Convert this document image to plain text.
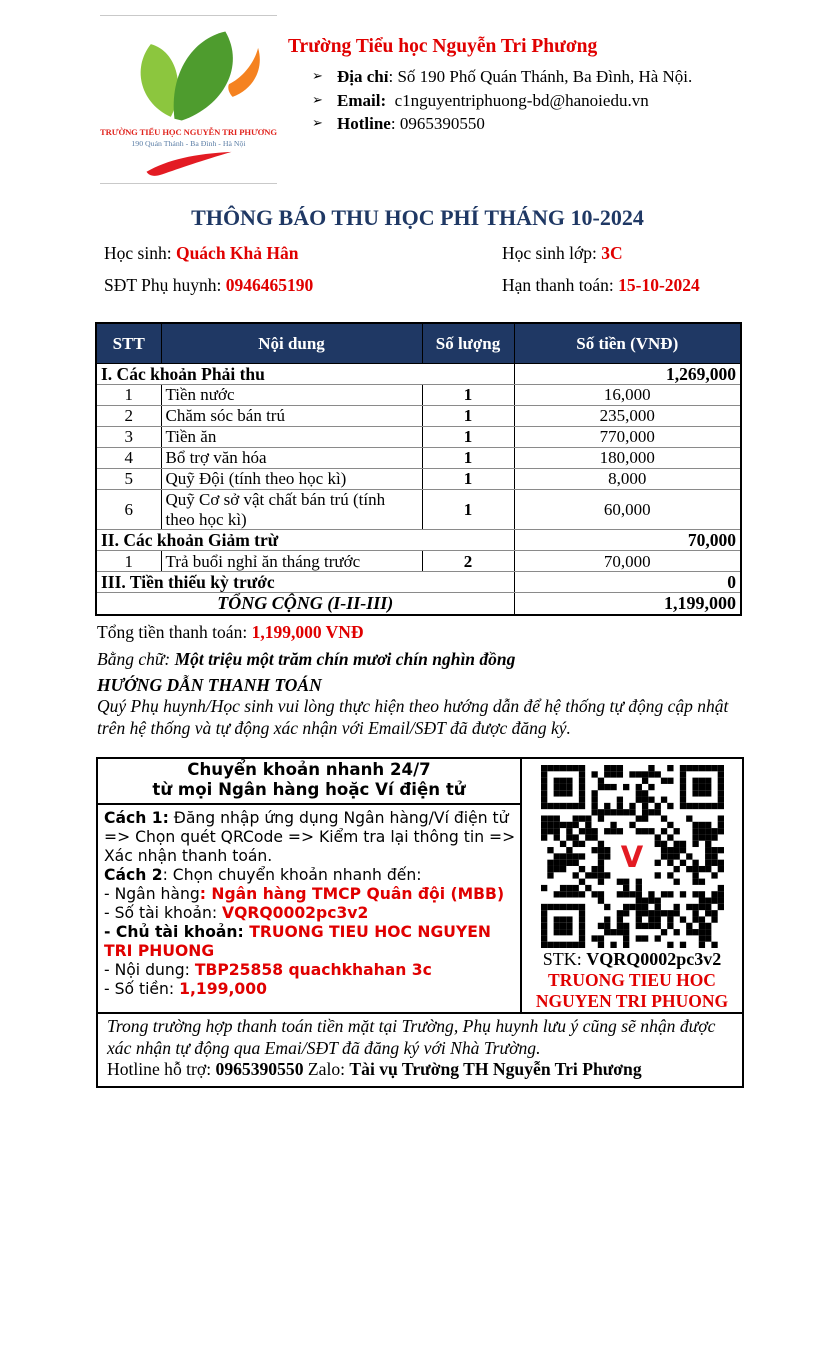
TRƯỜNG TIỂU HỌC NGUYỄN TRI PHƯƠNG
190 Quán Thánh - Ba Đình - Hà Nội
Trường Tiểu học Nguyễn Tri Phương
➢ Địa chỉ: Số 190 Phố Quán Thánh, Ba Đình, Hà Nội.
➢ Email:  c1nguyentriphuong-bd@hanoiedu.vn
➢ Hotline: 0965390550
THÔNG BÁO THU HỌC PHÍ THÁNG 10-2024
Học sinh: Quách Khả Hân	Học sinh lớp: 3C
SĐT Phụ huynh: 0946465190	Hạn thanh toán: 15-10-2024
STT	Nội dung	Số lượng	Số tiền (VNĐ)
I. Các khoản Phải thu			1,269,000
1	Tiền nước	1	16,000
2	Chăm sóc bán trú	1	235,000
3	Tiền ăn	1	770,000
4	Bổ trợ văn hóa	1	180,000
5	Quỹ Đội (tính theo học kì)	1	8,000
6	Quỹ Cơ sở vật chất bán trú (tính theo học kì)	1	60,000
II. Các khoản Giảm trừ			70,000
1	Trả buổi nghỉ ăn tháng trước	2	70,000
III. Tiền thiếu kỳ trước			0
TỔNG CỘNG (I-II-III)			1,199,000
Tổng tiền thanh toán: 1,199,000 VNĐ
Bằng chữ: Một triệu một trăm chín mươi chín nghìn đồng
HƯỚNG DẪN THANH TOÁN
Quý Phụ huynh/Học sinh vui lòng thực hiện theo hướng dẫn để hệ thống tự động cập nhật trên hệ thống và tự động xác nhận với Email/SĐT đã được đăng ký.
Chuyển khoản nhanh 24/7
từ mọi Ngân hàng hoặc Ví điện tử
Cách 1: Đăng nhập ứng dụng Ngân hàng/Ví điện tử => Chọn quét QRCode => Kiểm tra lại thông tin => Xác nhận thanh toán.
Cách 2: Chọn chuyển khoản nhanh đến:
- Ngân hàng: Ngân hàng TMCP Quân đội (MBB)
- Số tài khoản: VQRQ0002pc3v2
- Chủ tài khoản: TRUONG TIEU HOC NGUYEN TRI PHUONG
- Nội dung: TBP25858 quachkhahan 3c
- Số tiền: 1,199,000
V
STK: VQRQ0002pc3v2
TRUONG TIEU HOC
NGUYEN TRI PHUONG
Trong trường hợp thanh toán tiền mặt tại Trường, Phụ huynh lưu ý cũng sẽ nhận được xác nhận tự động qua Emai/SĐT đã đăng ký với Nhà Trường.
Hotline hỗ trợ: 0965390550 Zalo: Tài vụ Trường TH Nguyễn Tri Phương
